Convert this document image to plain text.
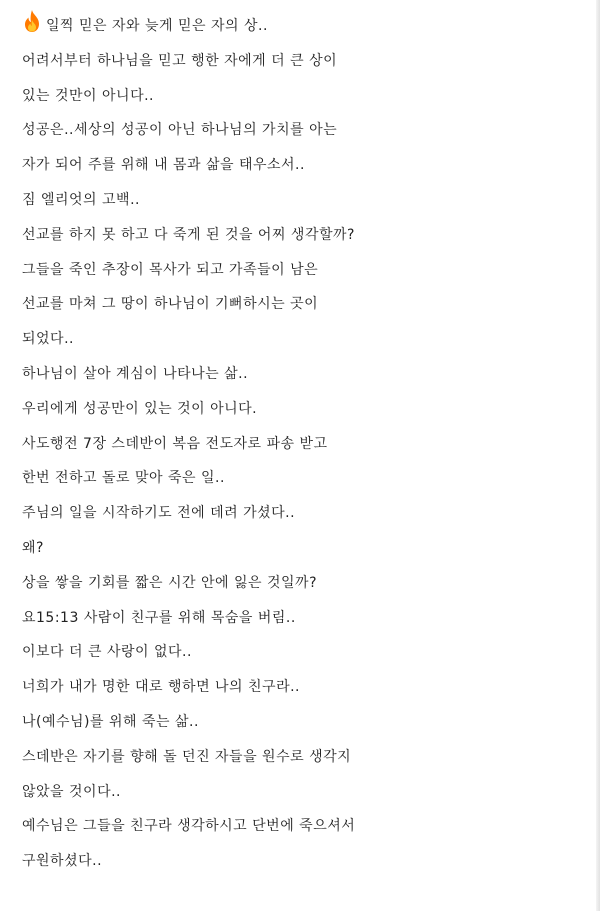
일찍 믿은 자와 늦게 믿은 자의 상..
어려서부터 하나님을 믿고 행한 자에게 더 큰 상이
있는 것만이 아니다..
성공은..세상의 성공이 아닌 하나님의 가치를 아는
자가 되어 주를 위해 내 몸과 삶을 태우소서..
짐 엘리엇의 고백..
선교를 하지 못 하고 다 죽게 된 것을 어찌 생각할까?
그들을 죽인 추장이 목사가 되고 가족들이 남은
선교를 마쳐 그 땅이 하나님이 기뻐하시는 곳이
되었다..
하나님이 살아 계심이 나타나는 삶..
우리에게 성공만이 있는 것이 아니다.
사도행전 7장 스데반이 복음 전도자로 파송 받고
한번 전하고 돌로 맞아 죽은 일..
주님의 일을 시작하기도 전에 데려 가셨다..
왜?
상을 쌓을 기회를 짧은 시간 안에 잃은 것일까?
요15:13 사람이 친구를 위해 목숨을 버림..
이보다 더 큰 사랑이 없다..
너희가 내가 명한 대로 행하면 나의 친구라..
나(예수님)를 위해 죽는 삶..
스데반은 자기를 향해 돌 던진 자들을 원수로 생각지
않았을 것이다..
예수님은 그들을 친구라 생각하시고 단번에 죽으셔서
구원하셨다..
